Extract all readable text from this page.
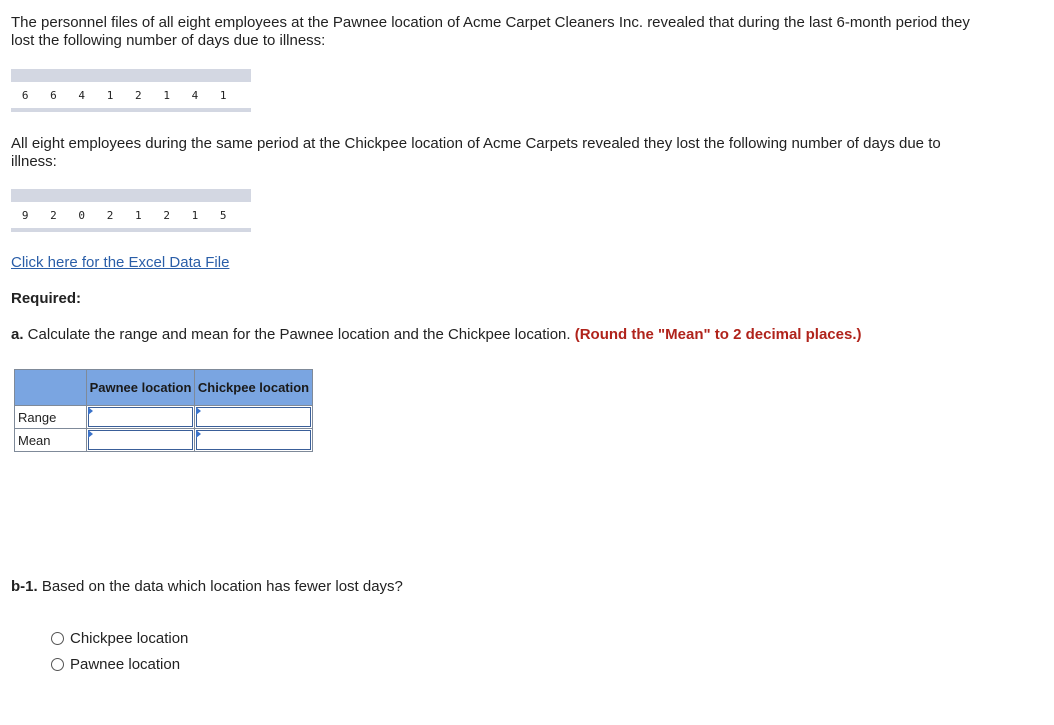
The personnel files of all eight employees at the Pawnee location of Acme Carpet Cleaners Inc. revealed that during the last 6-month period they lost the following number of days due to illness:
6	6	4	1	2	1	4	1
All eight employees during the same period at the Chickpee location of Acme Carpets revealed they lost the following number of days due to illness:
9	2	0	2	1	2	1	5
Click here for the Excel Data File
Required:
a. Calculate the range and mean for the Pawnee location and the Chickpee location. (Round the "Mean" to 2 decimal places.)
	Pawnee location	Chickpee location
Range	

Mean	

b-1. Based on the data which location has fewer lost days?
Chickpee location
Pawnee location
